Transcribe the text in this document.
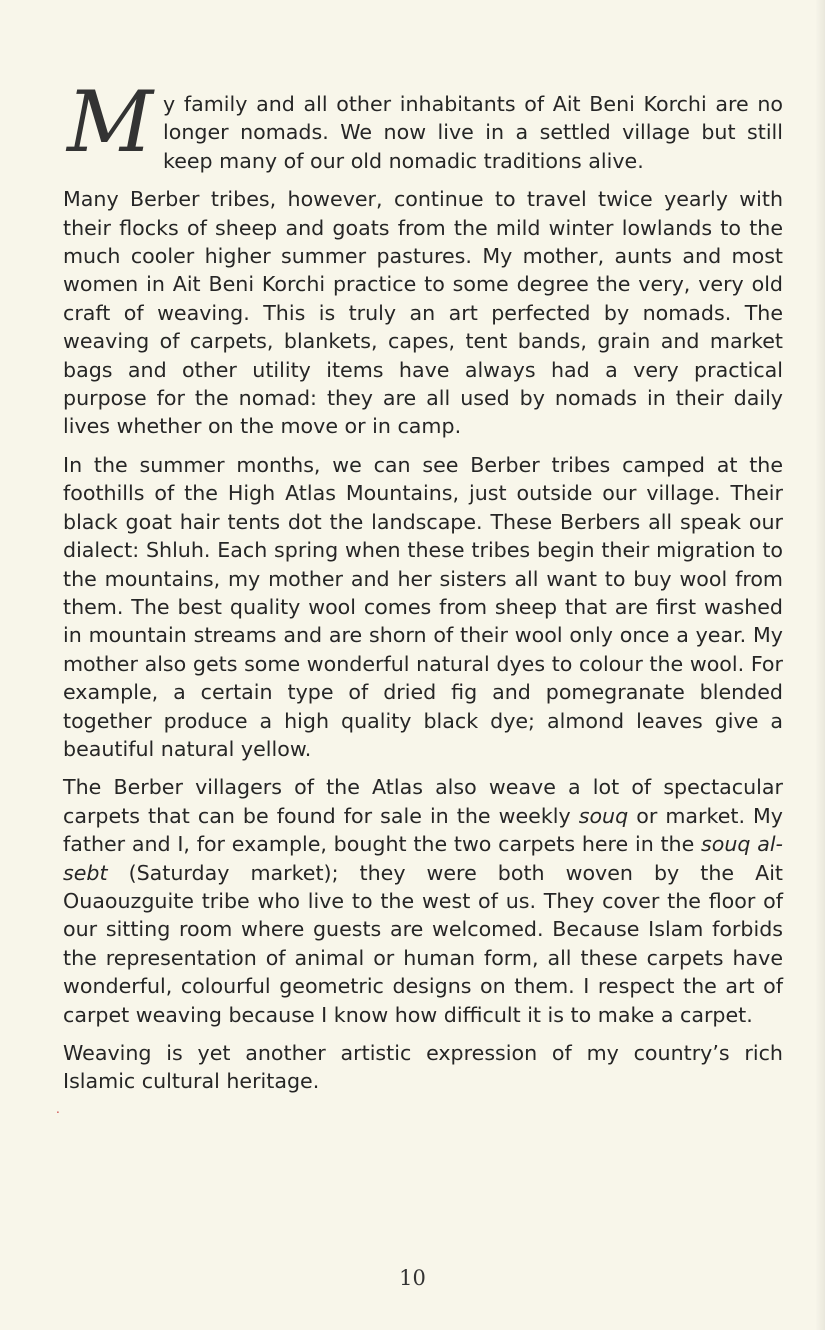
M y family and all other inhabitants of Ait Beni Korchi are no longer nomads. We now live in a settled village but still keep many of our old nomadic traditions alive.

Many Berber tribes, however, continue to travel twice yearly with their flocks of sheep and goats from the mild winter lowlands to the much cooler higher summer pastures. My mother, aunts and most women in Ait Beni Korchi practice to some degree the very, very old craft of weaving. This is truly an art perfected by nomads. The weaving of carpets, blankets, capes, tent bands, grain and market bags and other utility items have always had a very practical purpose for the nomad: they are all used by nomads in their daily lives whether on the move or in camp.

In the summer months, we can see Berber tribes camped at the foothills of the High Atlas Mountains, just outside our village. Their black goat hair tents dot the landscape. These Berbers all speak our dialect: Shluh. Each spring when these tribes begin their migration to the mountains, my mother and her sisters all want to buy wool from them. The best quality wool comes from sheep that are first washed in mountain streams and are shorn of their wool only once a year. My mother also gets some wonderful natural dyes to colour the wool. For example, a certain type of dried fig and pomegranate blended together produce a high quality black dye; almond leaves give a beautiful natural yellow.

The Berber villagers of the Atlas also weave a lot of spectacular carpets that can be found for sale in the weekly souq or market. My father and I, for example, bought the two carpets here in the souq al-sebt (Saturday market); they were both woven by the Ait Ouaouzguite tribe who live to the west of us. They cover the floor of our sitting room where guests are welcomed. Because Islam forbids the representation of animal or human form, all these carpets have wonderful, colourful geometric designs on them. I respect the art of carpet weaving because I know how difficult it is to make a carpet.

Weaving is yet another artistic expression of my country’s rich Islamic cultural heritage.

.
10
